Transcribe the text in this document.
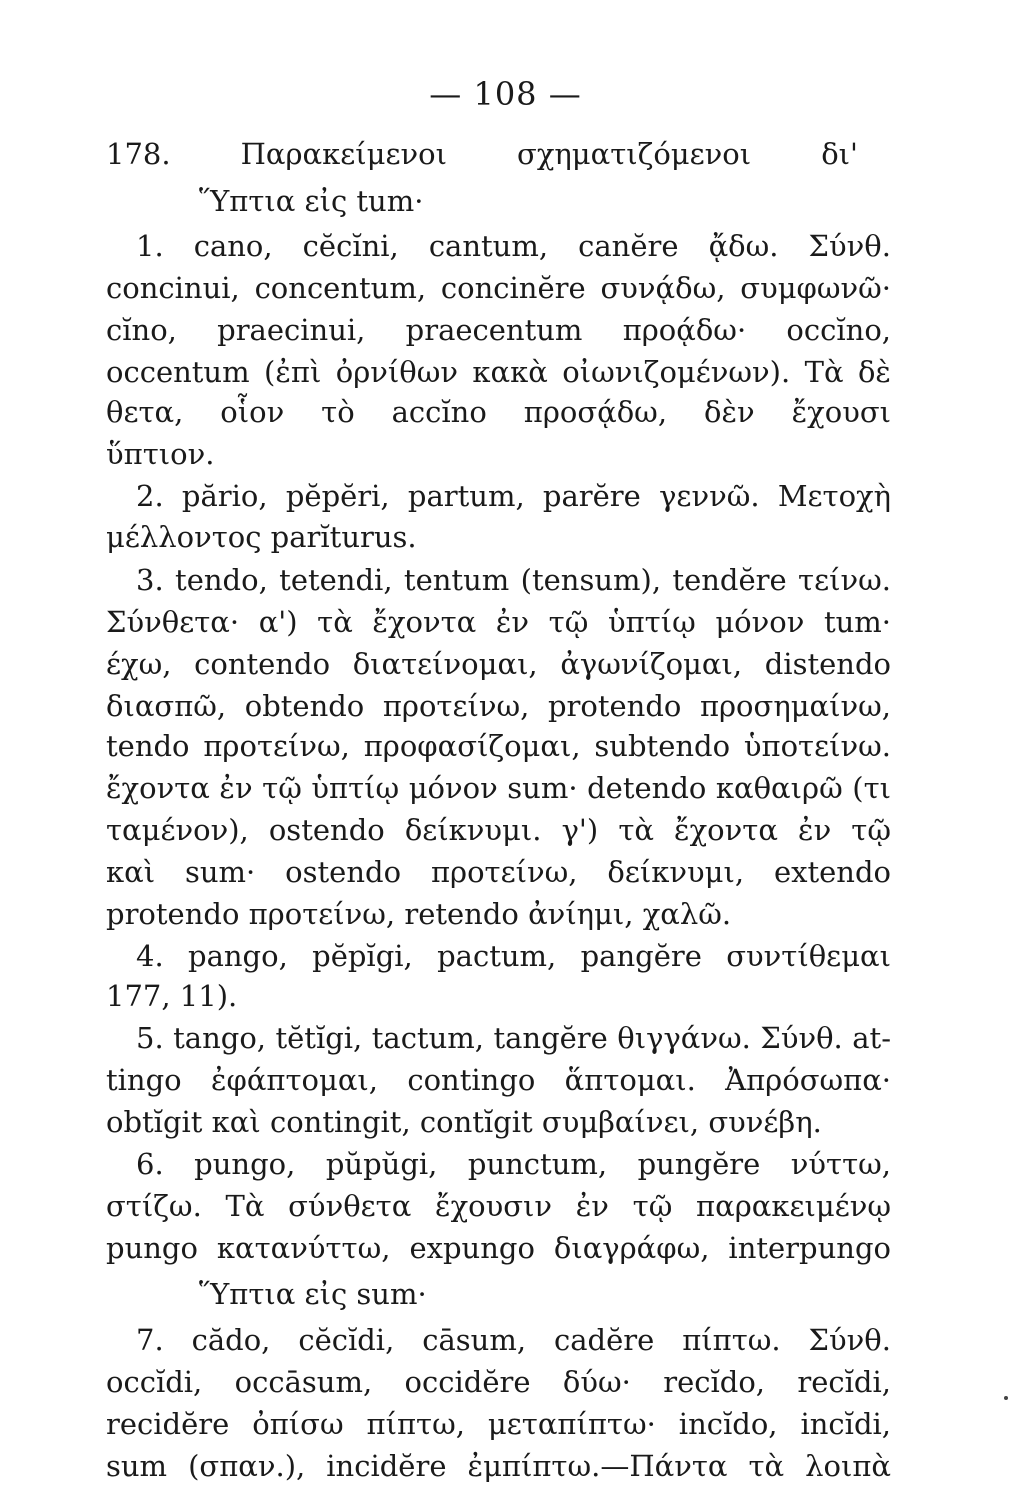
— 108 —
178. Παρακείμενοι σχηματιζόμενοι δι'
Ὕπτια εἰς tum·
1. cano, cĕcĭni, cantum, canĕre ᾄδω. Σύνθ.
concinui, concentum, concinĕre συνᾴδω, συμφωνῶ·
cĭno, praecinui, praecentum προᾴδω· occĭno,
occentum (ἐπὶ ὀρνίθων κακὰ οἰωνιζομένων). Τὰ δὲ
θετα, οἷον τὸ accĭno προσᾴδω, δὲν ἔχουσι
ὕπτιον.
2. părio, pĕpĕri, partum, parĕre γεννῶ. Μετοχὴ
μέλλοντος parĭturus.
3. tendo, tetendi, tentum (tensum), tendĕre τείνω.
Σύνθετα· α') τὰ ἔχοντα ἐν τῷ ὑπτίῳ μόνον tum·
έχω, contendo διατείνομαι, ἀγωνίζομαι, distendo
διασπῶ, obtendo προτείνω, protendo προσημαίνω,
tendo προτείνω, προφασίζομαι, subtendo ὑποτείνω.
ἔχοντα ἐν τῷ ὑπτίῳ μόνον sum· detendo καθαιρῶ (τι
ταμένον), ostendo δείκνυμι. γ') τὰ ἔχοντα ἐν τῷ
καὶ sum· ostendo προτείνω, δείκνυμι, extendo
protendo προτείνω, retendo ἀνίημι, χαλῶ.
4. pango, pĕpĭgi, pactum, pangĕre συντίθεμαι
177, 11).
5. tango, tĕtĭgi, tactum, tangĕre θιγγάνω. Σύνθ. at-
tingo ἐφάπτομαι, contingo ἅπτομαι. Ἀπρόσωπα·
obtĭgit καὶ contingit, contĭgit συμβαίνει, συνέβη.
6. pungo, pŭpŭgi, punctum, pungĕre νύττω,
στίζω. Τὰ σύνθετα ἔχουσιν ἐν τῷ παρακειμένῳ
pungo κατανύττω, expungo διαγράφω, interpungo
Ὕπτια εἰς sum·
7. cădo, cĕcĭdi, cāsum, cadĕre πίπτω. Σύνθ.
occĭdi, occāsum, occidĕre δύω· recĭdo, recĭdi,
recidĕre ὀπίσω πίπτω, μεταπίπτω· incĭdo, incĭdi,
sum (σπαν.), incidĕre ἐμπίπτω.—Πάντα τὰ λοιπὰ
